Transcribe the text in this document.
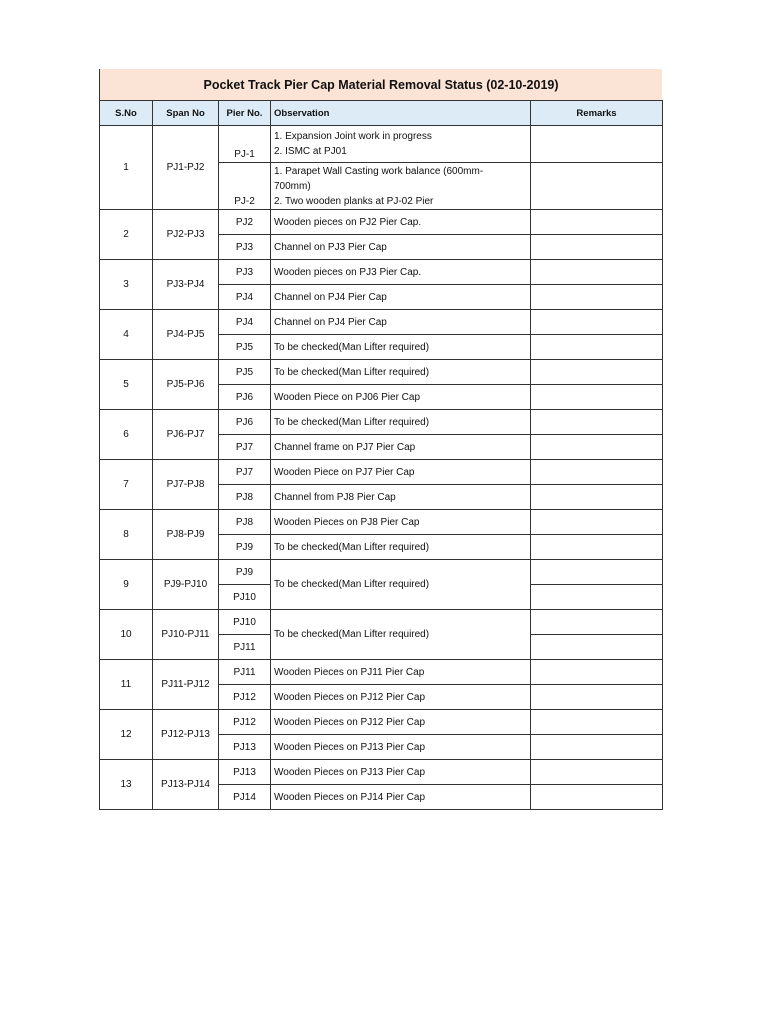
Pocket Track Pier Cap Material Removal Status (02-10-2019)
S.No	Span No	Pier No.	Observation	Remarks
1	PJ1-PJ2	PJ-1	1. Expansion Joint work in progress
2. ISMC at PJ01	

		PJ-2	1. Parapet Wall Casting work balance (600mm-
700mm)
2. Two wooden planks at PJ-02 Pier	

2	PJ2-PJ3	PJ2	Wooden pieces on PJ2 Pier Cap.	
		PJ3	Channel on PJ3 Pier Cap	
3	PJ3-PJ4	PJ3	Wooden pieces on PJ3 Pier Cap.	
		PJ4	Channel on PJ4 Pier Cap	
4	PJ4-PJ5	PJ4	Channel on PJ4 Pier Cap	
		PJ5	To be checked(Man Lifter required)	
5	PJ5-PJ6	PJ5	To be checked(Man Lifter required)	
		PJ6	Wooden Piece on PJ06 Pier Cap	
6	PJ6-PJ7	PJ6	To be checked(Man Lifter required)	
		PJ7	Channel frame on PJ7 Pier Cap	
7	PJ7-PJ8	PJ7	Wooden Piece on PJ7 Pier Cap	
		PJ8	Channel from PJ8 Pier Cap	
8	PJ8-PJ9	PJ8	Wooden Pieces on PJ8 Pier Cap	
		PJ9	To be checked(Man Lifter required)	
9	PJ9-PJ10	PJ9	To be checked(Man Lifter required)	
		PJ10		
10	PJ10-PJ11	PJ10	To be checked(Man Lifter required)	
		PJ11		
11	PJ11-PJ12	PJ11	Wooden Pieces on PJ11 Pier Cap	
		PJ12	Wooden Pieces on PJ12 Pier Cap	
12	PJ12-PJ13	PJ12	Wooden Pieces on PJ12 Pier Cap	
		PJ13	Wooden Pieces on PJ13 Pier Cap	
13	PJ13-PJ14	PJ13	Wooden Pieces on PJ13 Pier Cap	
		PJ14	Wooden Pieces on PJ14 Pier Cap	
